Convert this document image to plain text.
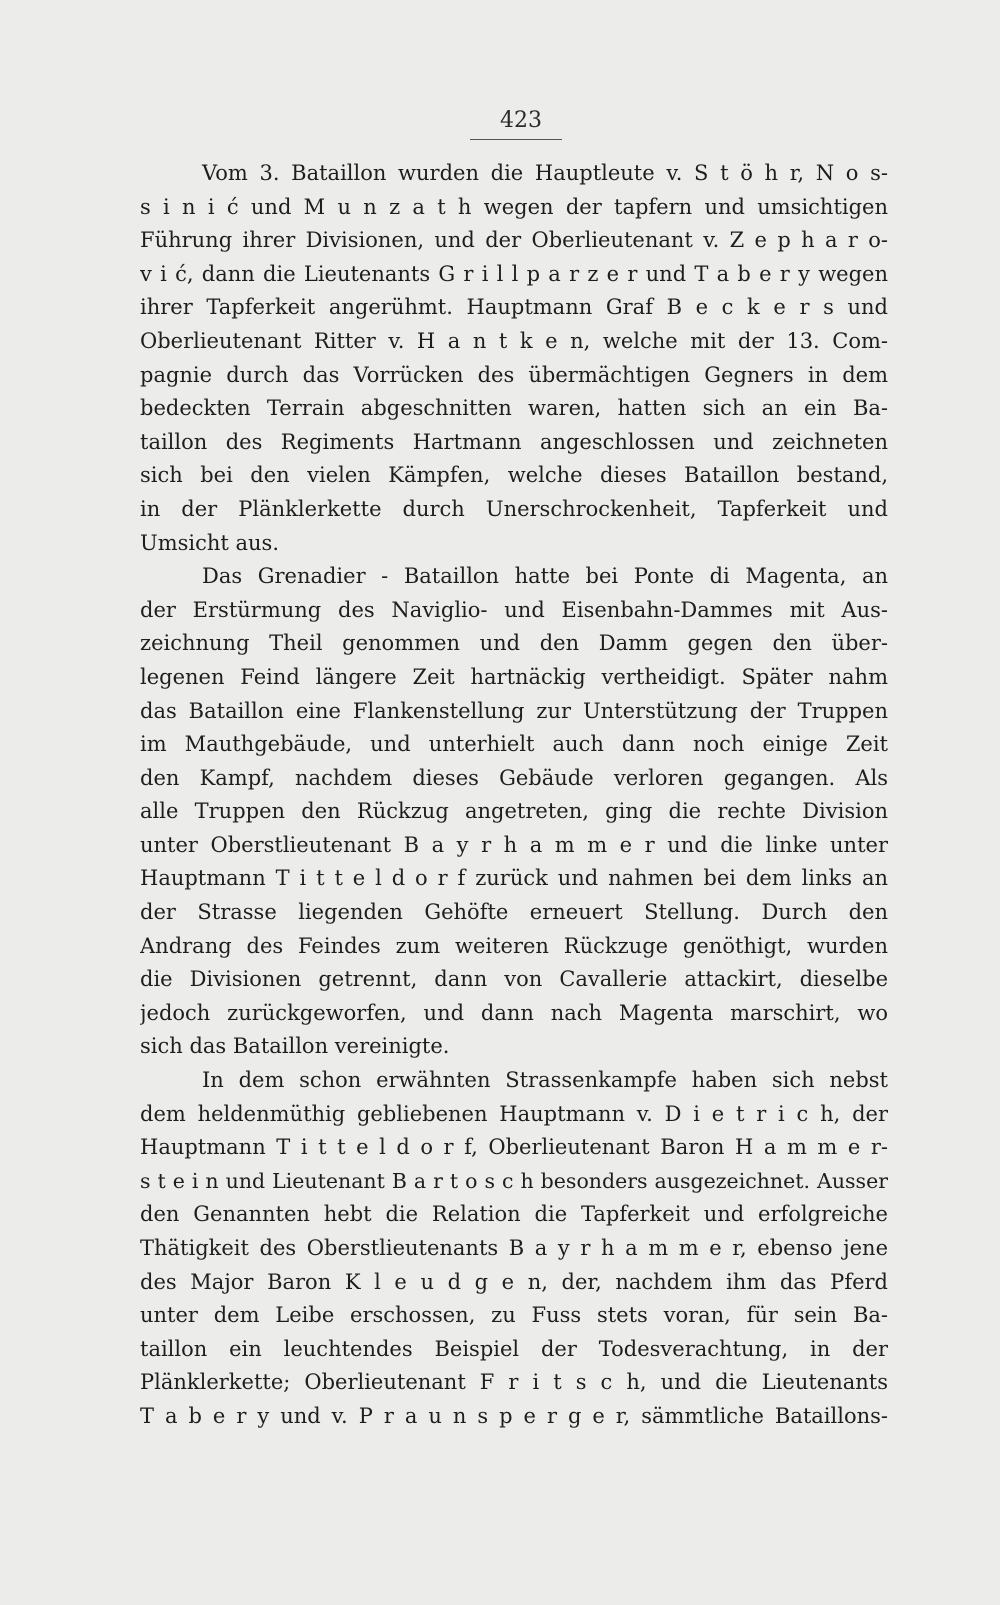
423
Vom 3. Bataillon wurden die Hauptleute v. S t ö h r, N o s-
s i n i ć und M u n z a t h wegen der tapfern und umsichtigen
Führung ihrer Divisionen, und der Oberlieutenant v. Z e p h a r o-
v i ć, dann die Lieutenants G r i l l p a r z e r und T a b e r y wegen
ihrer Tapferkeit angerühmt. Hauptmann Graf B e c k e r s und
Oberlieutenant Ritter v. H a n t k e n, welche mit der 13. Com-
pagnie durch das Vorrücken des übermächtigen Gegners in dem
bedeckten Terrain abgeschnitten waren, hatten sich an ein Ba-
taillon des Regiments Hartmann angeschlossen und zeichneten
sich bei den vielen Kämpfen, welche dieses Bataillon bestand,
in der Plänklerkette durch Unerschrockenheit, Tapferkeit und
Umsicht aus.
Das Grenadier - Bataillon hatte bei Ponte di Magenta, an
der Erstürmung des Naviglio- und Eisenbahn-Dammes mit Aus-
zeichnung Theil genommen und den Damm gegen den über-
legenen Feind längere Zeit hartnäckig vertheidigt. Später nahm
das Bataillon eine Flankenstellung zur Unterstützung der Truppen
im Mauthgebäude, und unterhielt auch dann noch einige Zeit
den Kampf, nachdem dieses Gebäude verloren gegangen. Als
alle Truppen den Rückzug angetreten, ging die rechte Division
unter Oberstlieutenant B a y r h a m m e r und die linke unter
Hauptmann T i t t e l d o r f zurück und nahmen bei dem links an
der Strasse liegenden Gehöfte erneuert Stellung. Durch den
Andrang des Feindes zum weiteren Rückzuge genöthigt, wurden
die Divisionen getrennt, dann von Cavallerie attackirt, dieselbe
jedoch zurückgeworfen, und dann nach Magenta marschirt, wo
sich das Bataillon vereinigte.
In dem schon erwähnten Strassenkampfe haben sich nebst
dem heldenmüthig gebliebenen Hauptmann v. D i e t r i c h, der
Hauptmann T i t t e l d o r f, Oberlieutenant Baron H a m m e r-
s t e i n und Lieutenant B a r t o s c h besonders ausgezeichnet. Ausser
den Genannten hebt die Relation die Tapferkeit und erfolgreiche
Thätigkeit des Oberstlieutenants B a y r h a m m e r, ebenso jene
des Major Baron K l e u d g e n, der, nachdem ihm das Pferd
unter dem Leibe erschossen, zu Fuss stets voran, für sein Ba-
taillon ein leuchtendes Beispiel der Todesverachtung, in der
Plänklerkette; Oberlieutenant F r i t s c h, und die Lieutenants
T a b e r y und v. P r a u n s p e r g e r, sämmtliche Bataillons-
